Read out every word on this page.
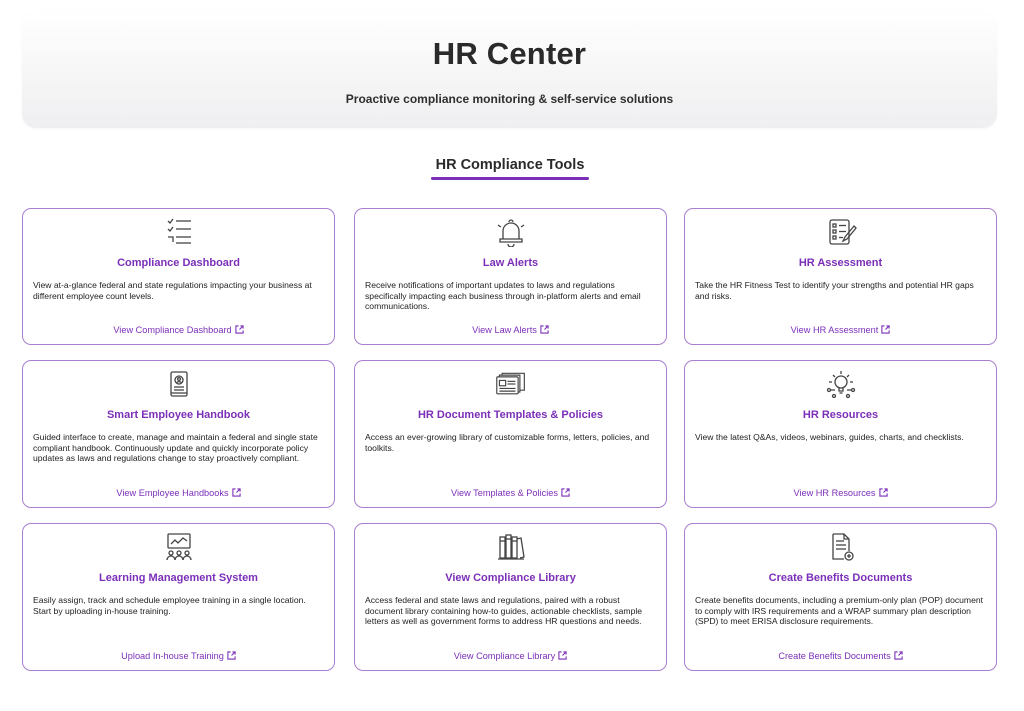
HR Center
Proactive compliance monitoring & self-service solutions
HR Compliance Tools
Compliance Dashboard
View at-a-glance federal and state regulations impacting your business at different employee count levels.
View Compliance Dashboard
Law Alerts
Receive notifications of important updates to laws and regulations specifically impacting each business through in-platform alerts and email communications.
View Law Alerts
HR Assessment
Take the HR Fitness Test to identify your strengths and potential HR gaps and risks.
View HR Assessment
Smart Employee Handbook
Guided interface to create, manage and maintain a federal and single state compliant handbook. Continuously update and quickly incorporate policy updates as laws and regulations change to stay proactively compliant.
View Employee Handbooks
HR Document Templates & Policies
Access an ever-growing library of customizable forms, letters, policies, and toolkits.
View Templates & Policies
HR Resources
View the latest Q&As, videos, webinars, guides, charts, and checklists.
View HR Resources
Learning Management System
Easily assign, track and schedule employee training in a single location. Start by uploading in-house training.
Upload In-house Training
View Compliance Library
Access federal and state laws and regulations, paired with a robust document library containing how-to guides, actionable checklists, sample letters as well as government forms to address HR questions and needs.
View Compliance Library
Create Benefits Documents
Create benefits documents, including a premium-only plan (POP) document to comply with IRS requirements and a WRAP summary plan description (SPD) to meet ERISA disclosure requirements.
Create Benefits Documents
